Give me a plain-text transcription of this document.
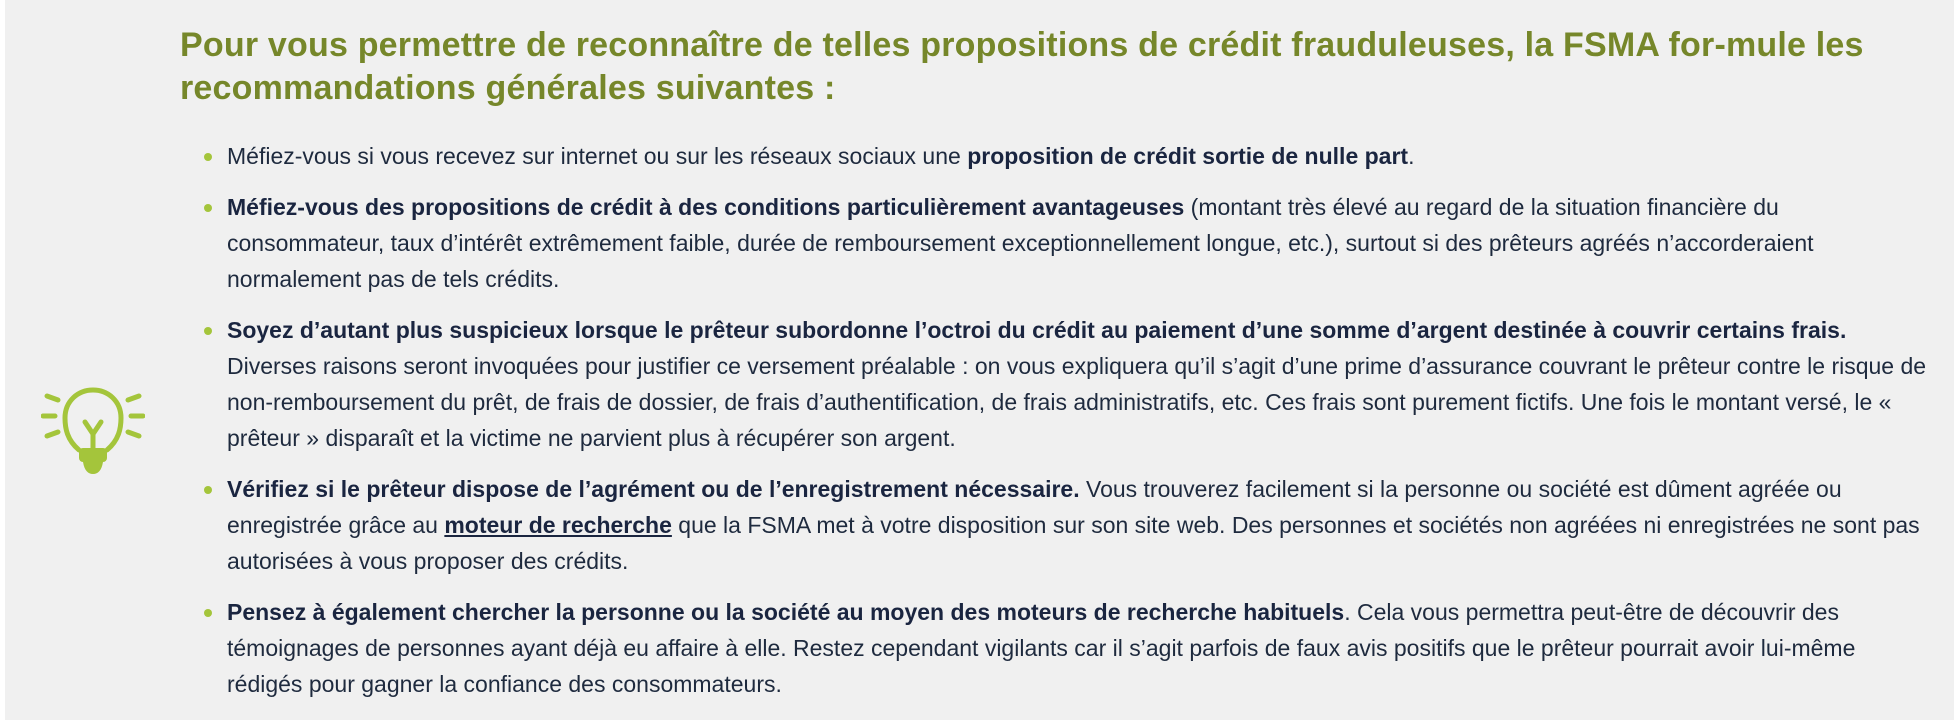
Pour vous permettre de reconnaître de telles propositions de crédit frauduleuses, la FSMA for-mule les recommandations générales suivantes :
Méfiez-vous si vous recevez sur internet ou sur les réseaux sociaux une proposition de crédit sortie de nulle part.
Méfiez-vous des propositions de crédit à des conditions particulièrement avantageuses (montant très élevé au regard de la situation financière du consommateur, taux d’intérêt extrêmement faible, durée de remboursement exceptionnellement longue, etc.), surtout si des prêteurs agréés n’accorderaient normalement pas de tels crédits.
Soyez d’autant plus suspicieux lorsque le prêteur subordonne l’octroi du crédit au paiement d’une somme d’argent destinée à couvrir certains frais. Diverses raisons seront invoquées pour justifier ce versement préalable : on vous expliquera qu’il s’agit d’une prime d’assurance couvrant le prêteur contre le risque de non-remboursement du prêt, de frais de dossier, de frais d’authentification, de frais administratifs, etc. Ces frais sont purement fictifs. Une fois le montant versé, le « prêteur » disparaît et la victime ne parvient plus à récupérer son argent.
Vérifiez si le prêteur dispose de l’agrément ou de l’enregistrement nécessaire. Vous trouverez facilement si la personne ou société est dûment agréée ou enregistrée grâce au moteur de recherche que la FSMA met à votre disposition sur son site web. Des personnes et sociétés non agréées ni enregistrées ne sont pas autorisées à vous proposer des crédits.
Pensez à également chercher la personne ou la société au moyen des moteurs de recherche habituels. Cela vous permettra peut-être de découvrir des témoignages de personnes ayant déjà eu affaire à elle. Restez cependant vigilants car il s’agit parfois de faux avis positifs que le prêteur pourrait avoir lui-même rédigés pour gagner la confiance des consommateurs.
